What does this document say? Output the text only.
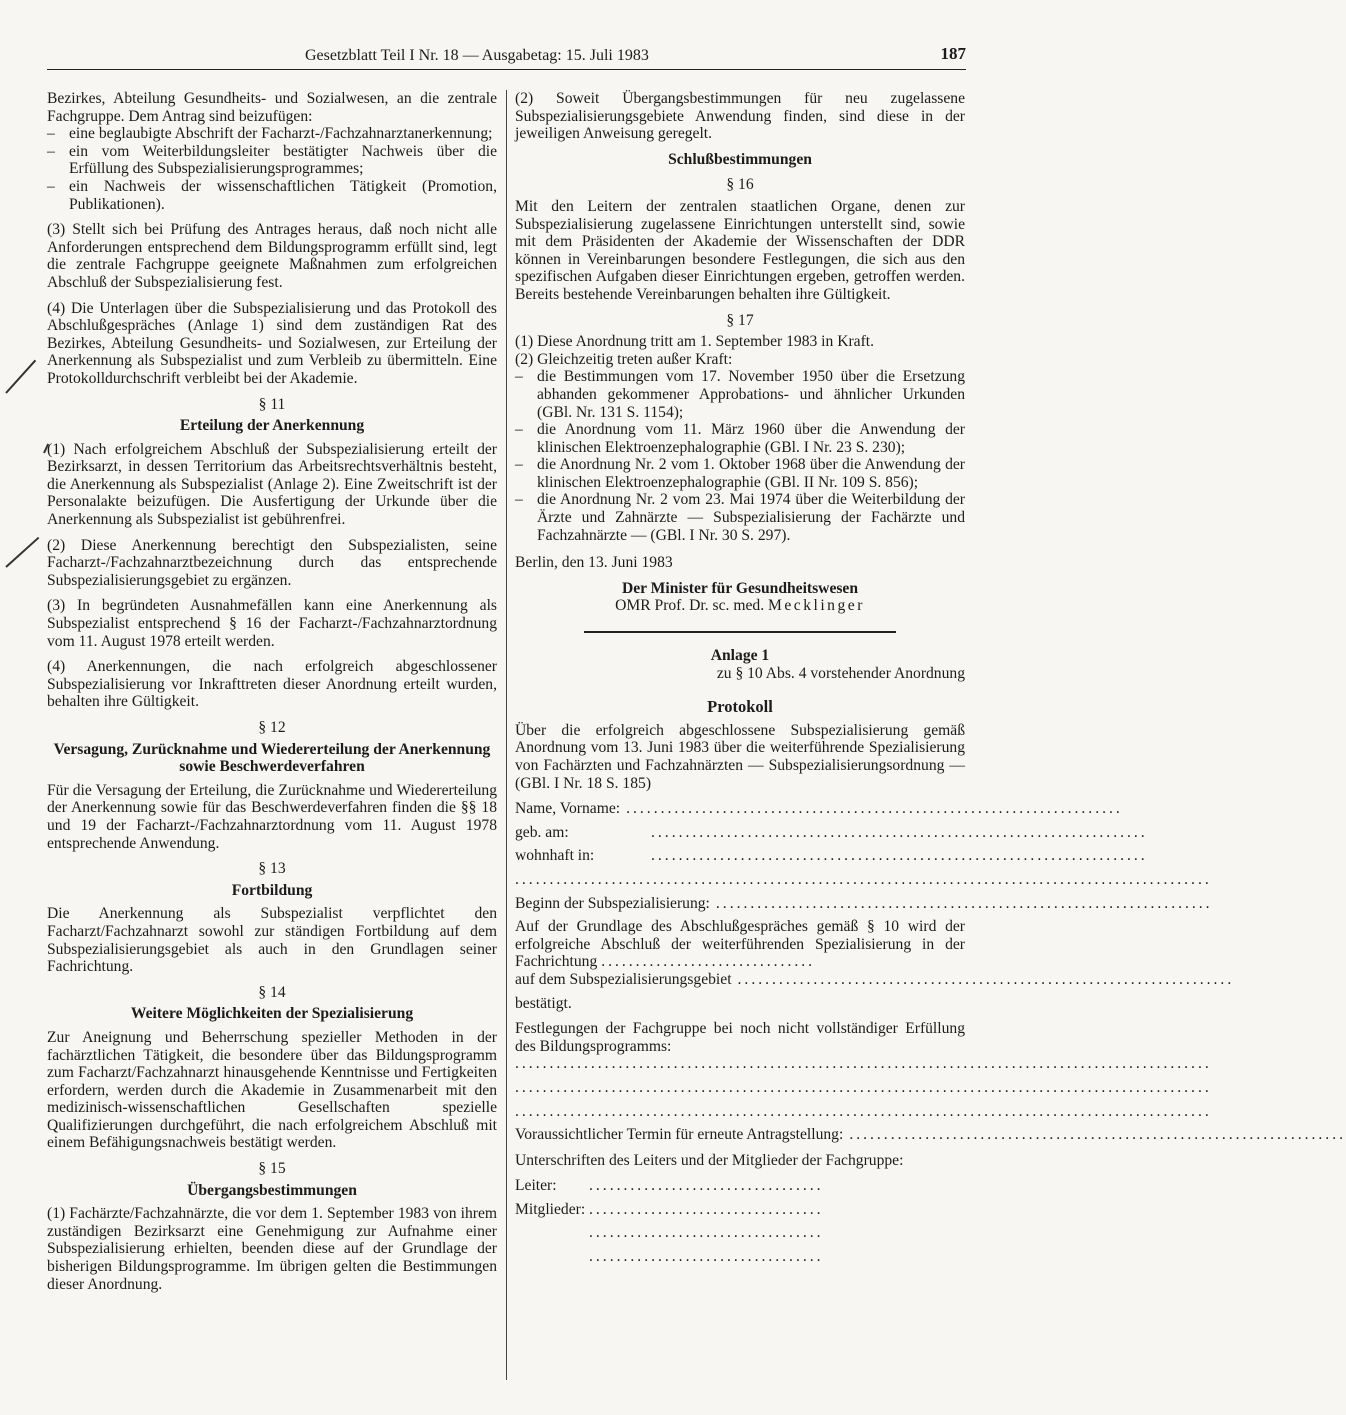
Gesetzblatt Teil I Nr. 18 — Ausgabetag: 15. Juli 1983	187

Bezirkes, Abteilung Gesundheits- und Sozialwesen, an die zentrale Fachgruppe. Dem Antrag sind beizufügen:

– eine beglaubigte Abschrift der Facharzt-/Fachzahnarztanerkennung;
– ein vom Weiterbildungsleiter bestätigter Nachweis über die Erfüllung des Subspezialisierungsprogrammes;
– ein Nachweis der wissenschaftlichen Tätigkeit (Promotion, Publikationen).

(3) Stellt sich bei Prüfung des Antrages heraus, daß noch nicht alle Anforderungen entsprechend dem Bildungsprogramm erfüllt sind, legt die zentrale Fachgruppe geeignete Maßnahmen zum erfolgreichen Abschluß der Subspezialisierung fest.

(4) Die Unterlagen über die Subspezialisierung und das Protokoll des Abschlußgespräches (Anlage 1) sind dem zuständigen Rat des Bezirkes, Abteilung Gesundheits- und Sozialwesen, zur Erteilung der Anerkennung als Subspezialist und zum Verbleib zu übermitteln. Eine Protokolldurchschrift verbleibt bei der Akademie.

§ 11
Erteilung der Anerkennung

(1) Nach erfolgreichem Abschluß der Subspezialisierung erteilt der Bezirksarzt, in dessen Territorium das Arbeitsrechtsverhältnis besteht, die Anerkennung als Subspezialist (Anlage 2). Eine Zweitschrift ist der Personalakte beizufügen. Die Ausfertigung der Urkunde über die Anerkennung als Subspezialist ist gebührenfrei.

(2) Diese Anerkennung berechtigt den Subspezialisten, seine Facharzt-/Fachzahnarztbezeichnung durch das entsprechende Subspezialisierungsgebiet zu ergänzen.

(3) In begründeten Ausnahmefällen kann eine Anerkennung als Subspezialist entsprechend § 16 der Facharzt-/Fachzahnarztordnung vom 11. August 1978 erteilt werden.

(4) Anerkennungen, die nach erfolgreich abgeschlossener Subspezialisierung vor Inkrafttreten dieser Anordnung erteilt wurden, behalten ihre Gültigkeit.

§ 12
Versagung, Zurücknahme und Wiedererteilung der Anerkennung sowie Beschwerdeverfahren

Für die Versagung der Erteilung, die Zurücknahme und Wiedererteilung der Anerkennung sowie für das Beschwerdeverfahren finden die §§ 18 und 19 der Facharzt-/Fachzahnarztordnung vom 11. August 1978 entsprechende Anwendung.

§ 13
Fortbildung

Die Anerkennung als Subspezialist verpflichtet den Facharzt/Fachzahnarzt sowohl zur ständigen Fortbildung auf dem Subspezialisierungsgebiet als auch in den Grundlagen seiner Fachrichtung.

§ 14
Weitere Möglichkeiten der Spezialisierung

Zur Aneignung und Beherrschung spezieller Methoden in der fachärztlichen Tätigkeit, die besondere über das Bildungsprogramm zum Facharzt/Fachzahnarzt hinausgehende Kenntnisse und Fertigkeiten erfordern, werden durch die Akademie in Zusammenarbeit mit den medizinisch-wissenschaftlichen Gesellschaften spezielle Qualifizierungen durchgeführt, die nach erfolgreichem Abschluß mit einem Befähigungsnachweis bestätigt werden.

§ 15
Übergangsbestimmungen

(1) Fachärzte/Fachzahnärzte, die vor dem 1. September 1983 von ihrem zuständigen Bezirksarzt eine Genehmigung zur Aufnahme einer Subspezialisierung erhielten, beenden diese auf der Grundlage der bisherigen Bildungsprogramme. Im übrigen gelten die Bestimmungen dieser Anordnung.

(2) Soweit Übergangsbestimmungen für neu zugelassene Subspezialisierungsgebiete Anwendung finden, sind diese in der jeweiligen Anweisung geregelt.

Schlußbestimmungen
§ 16

Mit den Leitern der zentralen staatlichen Organe, denen zur Subspezialisierung zugelassene Einrichtungen unterstellt sind, sowie mit dem Präsidenten der Akademie der Wissenschaften der DDR können in Vereinbarungen besondere Festlegungen, die sich aus den spezifischen Aufgaben dieser Einrichtungen ergeben, getroffen werden. Bereits bestehende Vereinbarungen behalten ihre Gültigkeit.

§ 17

(1) Diese Anordnung tritt am 1. September 1983 in Kraft.

(2) Gleichzeitig treten außer Kraft:

– die Bestimmungen vom 17. November 1950 über die Ersetzung abhanden gekommener Approbations- und ähnlicher Urkunden (GBl. Nr. 131 S. 1154);
– die Anordnung vom 11. März 1960 über die Anwendung der klinischen Elektroenzephalographie (GBl. I Nr. 23 S. 230);
– die Anordnung Nr. 2 vom 1. Oktober 1968 über die Anwendung der klinischen Elektroenzephalographie (GBl. II Nr. 109 S. 856);
– die Anordnung Nr. 2 vom 23. Mai 1974 über die Weiterbildung der Ärzte und Zahnärzte — Subspezialisierung der Fachärzte und Fachzahnärzte — (GBl. I Nr. 30 S. 297).

Berlin, den 13. Juni 1983

Der Minister für Gesundheitswesen
OMR Prof. Dr. sc. med. Mecklinger
Anlage 1
zu § 10 Abs. 4 vorstehender Anordnung
Protokoll

Über die erfolgreich abgeschlossene Subspezialisierung gemäß Anordnung vom 13. Juni 1983 über die weiterführende Spezialisierung von Fachärzten und Fachzahnärzten — Subspezialisierungsordnung — (GBl. I Nr. 18 S. 185)

Name, Vorname: ........................................................................
geb. am:	........................................................................
wohnhaft in:	........................................................................
.....................................................................................................
Beginn der Subspezialisierung: ........................................................................

Auf der Grundlage des Abschlußgespräches gemäß § 10 wird der erfolgreiche Abschluß der weiterführenden Spezialisierung in der Fachrichtung ...............................

auf dem Subspezialisierungsgebiet ........................................................................
bestätigt.

Festlegungen der Fachgruppe bei noch nicht vollständiger Erfüllung des Bildungsprogramms:

.....................................................................................................
.....................................................................................................
.....................................................................................................
Voraussichtlicher Termin für erneute Antragstellung: ........................................................................

Unterschriften des Leiters und der Mitglieder der Fachgruppe:

Leiter:	..................................
Mitglieder: ..................................
..................................
..................................
